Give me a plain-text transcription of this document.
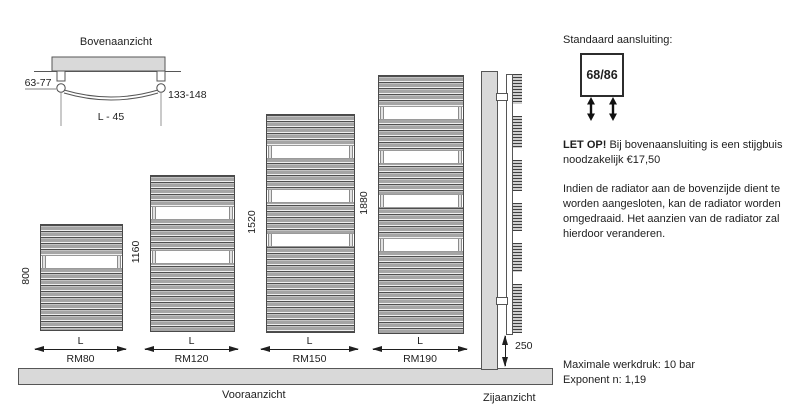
Bovenaanzicht
63-77
133-148
L - 45
800
L
RM80
1160
L
RM120
1520
L
RM150
1880
L
RM190
250
Vooraanzicht	Zijaanzicht
Standaard aansluiting:
68/86
LET OP! Bij bovenaansluiting is een stijgbuis noodzakelijk €17,50
Indien de radiator aan de bovenzijde dient te worden aangesloten, kan de radiator worden omgedraaid. Het aanzien van de radiator zal hierdoor veranderen.
Maximale werkdruk: 10 bar
Exponent n: 1,19
